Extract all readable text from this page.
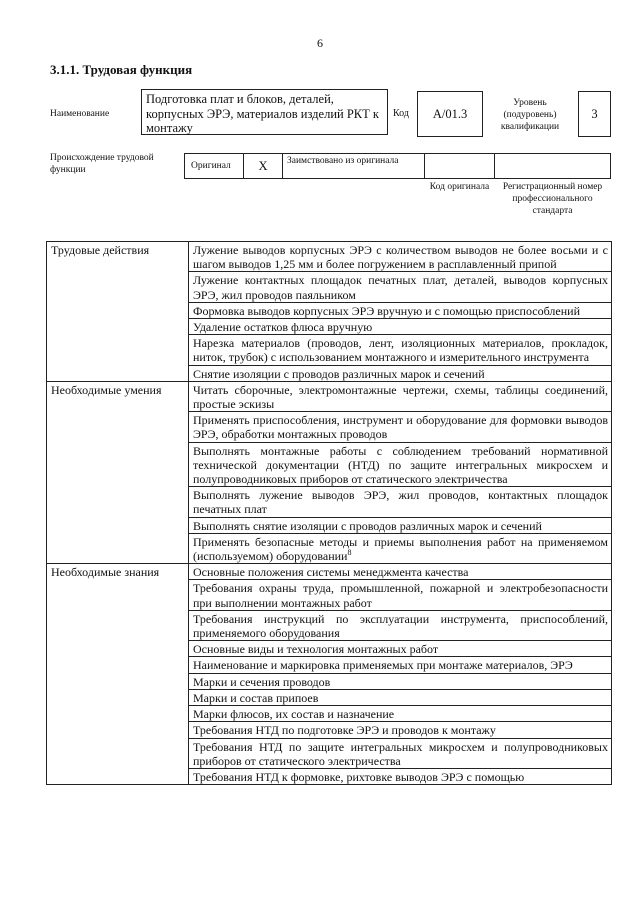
6
3.1.1. Трудовая функция
Наименование
Подготовка плат и блоков, деталей, корпусных ЭРЭ, материалов изделий РКТ к монтажу
Код	A/01.3
Уровень (подуровень) квалификации
3
Происхождение трудовой функции	Оригинал	X	Заимствовано из оригинала
Код оригинала	Регистрационный номер профессионального стандарта
Трудовые действия	Лужение выводов корпусных ЭРЭ с количеством выводов не более восьми и с шагом выводов 1,25 мм и более погружением в расплавленный припой
	Лужение контактных площадок печатных плат, деталей, выводов корпусных ЭРЭ, жил проводов паяльником
	Формовка выводов корпусных ЭРЭ вручную и с помощью приспособлений
	Удаление остатков флюса вручную
	Нарезка материалов (проводов, лент, изоляционных материалов, прокладок, ниток, трубок) с использованием монтажного и измерительного инструмента
	Снятие изоляции с проводов различных марок и сечений
Необходимые умения	Читать сборочные, электромонтажные чертежи, схемы, таблицы соединений, простые эскизы
	Применять приспособления, инструмент и оборудование для формовки выводов ЭРЭ, обработки монтажных проводов
	Выполнять монтажные работы с соблюдением требований нормативной технической документации (НТД) по защите интегральных микросхем и полупроводниковых приборов от статического электричества
	Выполнять лужение выводов ЭРЭ, жил проводов, контактных площадок печатных плат
	Выполнять снятие изоляции с проводов различных марок и сечений
	Применять безопасные методы и приемы выполнения работ на применяемом (используемом) оборудовании$^8$
Необходимые знания	Основные положения системы менеджмента качества
	Требования охраны труда, промышленной, пожарной и электробезопасности при выполнении монтажных работ
	Требования инструкций по эксплуатации инструмента, приспособлений, применяемого оборудования
	Основные виды и технология монтажных работ
	Наименование и маркировка применяемых при монтаже материалов, ЭРЭ
	Марки и сечения проводов
	Марки и состав припоев
	Марки флюсов, их состав и назначение
	Требования НТД по подготовке ЭРЭ и проводов к монтажу
	Требования НТД по защите интегральных микросхем и полупроводниковых приборов от статического электричества
	Требования НТД к формовке, рихтовке выводов ЭРЭ с помощью
